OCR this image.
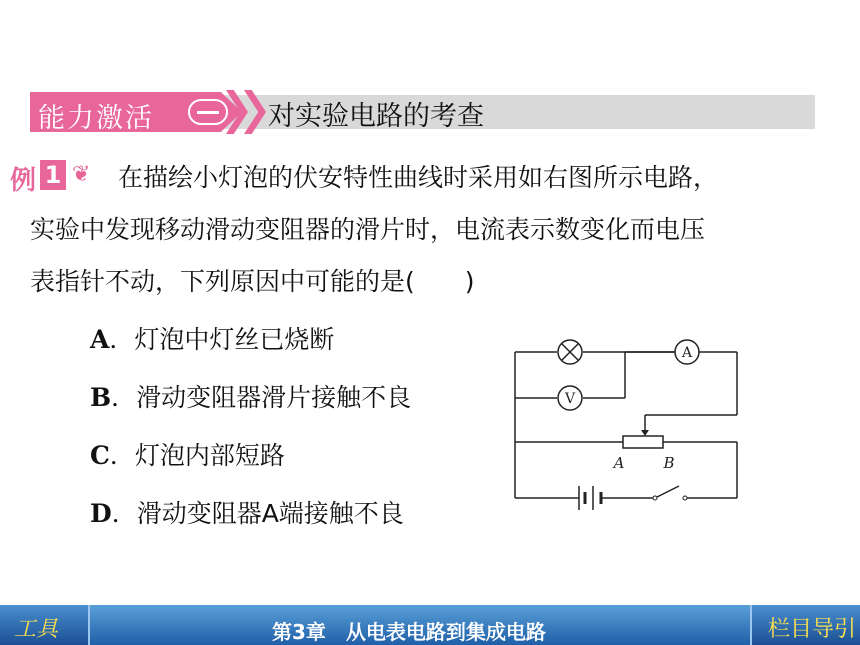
能力激活	对实验电路的考查
例 1 ❦ 在描绘小灯泡的伏安特性曲线时采用如右图所示电路，
实验中发现移动滑动变阻器的滑片时，电流表示数变化而电压
表指针不动，下列原因中可能的是(　　)
A．灯泡中灯丝已烧断
B．滑动变阻器滑片接触不良
C．灯泡内部短路
D．滑动变阻器A端接触不良
A
V
A	B
工具	第3章　从电表电路到集成电路	栏目导引
